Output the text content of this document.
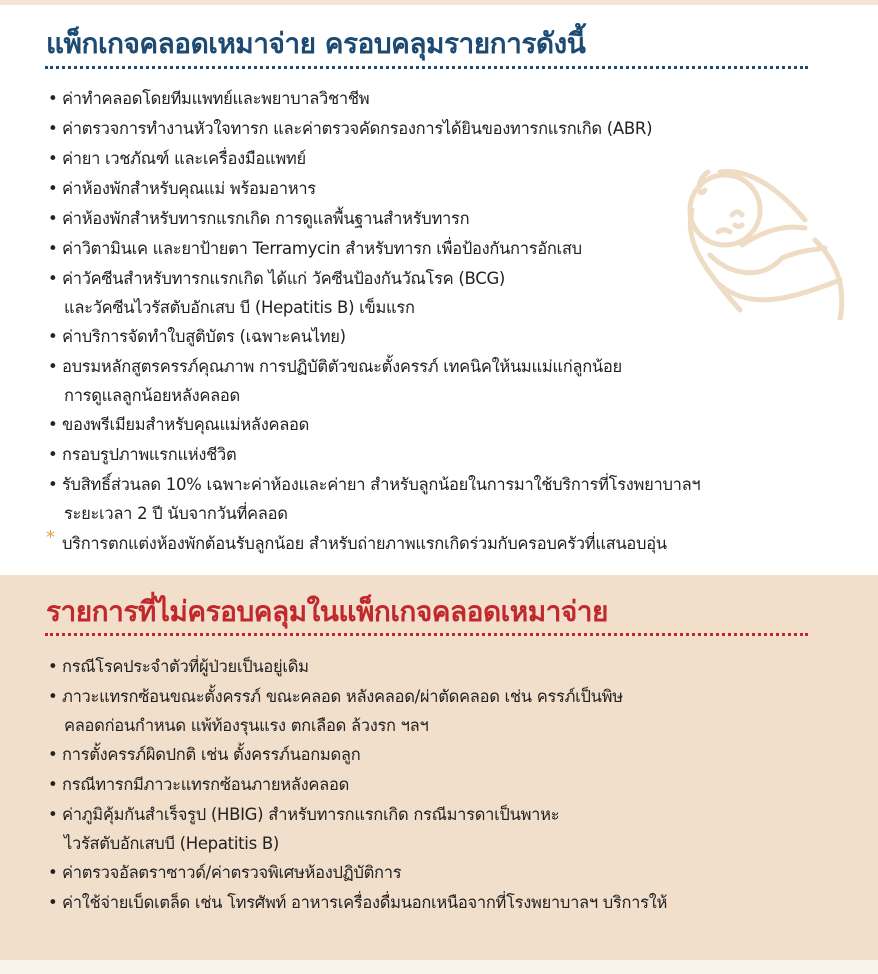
แพ็กเกจคลอดเหมาจ่าย ครอบคลุมรายการดังนี้
• ค่าทำคลอดโดยทีมแพทย์และพยาบาลวิชาชีพ
• ค่าตรวจการทำงานหัวใจทารก และค่าตรวจคัดกรองการได้ยินของทารกแรกเกิด (ABR)
• ค่ายา เวชภัณฑ์ และเครื่องมือแพทย์
• ค่าห้องพักสำหรับคุณแม่ พร้อมอาหาร
• ค่าห้องพักสำหรับทารกแรกเกิด การดูแลพื้นฐานสำหรับทารก
• ค่าวิตามินเค และยาป้ายตา Terramycin สำหรับทารก เพื่อป้องกันการอักเสบ
• ค่าวัคซีนสำหรับทารกแรกเกิด ได้แก่ วัคซีนป้องกันวัณโรค (BCG)
และวัคซีนไวรัสตับอักเสบ บี (Hepatitis B) เข็มแรก
• ค่าบริการจัดทำใบสูติบัตร (เฉพาะคนไทย)
• อบรมหลักสูตรครรภ์คุณภาพ การปฏิบัติตัวขณะตั้งครรภ์ เทคนิคให้นมแม่แก่ลูกน้อย
การดูแลลูกน้อยหลังคลอด
• ของพรีเมียมสำหรับคุณแม่หลังคลอด
• กรอบรูปภาพแรกแห่งชีวิต
• รับสิทธิ์ส่วนลด 10% เฉพาะค่าห้องและค่ายา สำหรับลูกน้อยในการมาใช้บริการที่โรงพยาบาลฯ
ระยะเวลา 2 ปี นับจากวันที่คลอด
* บริการตกแต่งห้องพักต้อนรับลูกน้อย สำหรับถ่ายภาพแรกเกิดร่วมกับครอบครัวที่แสนอบอุ่น
รายการที่ไม่ครอบคลุมในแพ็กเกจคลอดเหมาจ่าย
• กรณีโรคประจำตัวที่ผู้ป่วยเป็นอยู่เดิม
• ภาวะแทรกซ้อนขณะตั้งครรภ์ ขณะคลอด หลังคลอด/ผ่าตัดคลอด เช่น ครรภ์เป็นพิษ
คลอดก่อนกำหนด แพ้ท้องรุนแรง ตกเลือด ล้วงรก ฯลฯ
• การตั้งครรภ์ผิดปกติ เช่น ตั้งครรภ์นอกมดลูก
• กรณีทารกมีภาวะแทรกซ้อนภายหลังคลอด
• ค่าภูมิคุ้มกันสำเร็จรูป (HBIG) สำหรับทารกแรกเกิด กรณีมารดาเป็นพาหะ
ไวรัสตับอักเสบบี (Hepatitis B)
• ค่าตรวจอัลตราซาวด์/ค่าตรวจพิเศษห้องปฏิบัติการ
• ค่าใช้จ่ายเบ็ดเตล็ด เช่น โทรศัพท์ อาหารเครื่องดื่มนอกเหนือจากที่โรงพยาบาลฯ บริการให้
